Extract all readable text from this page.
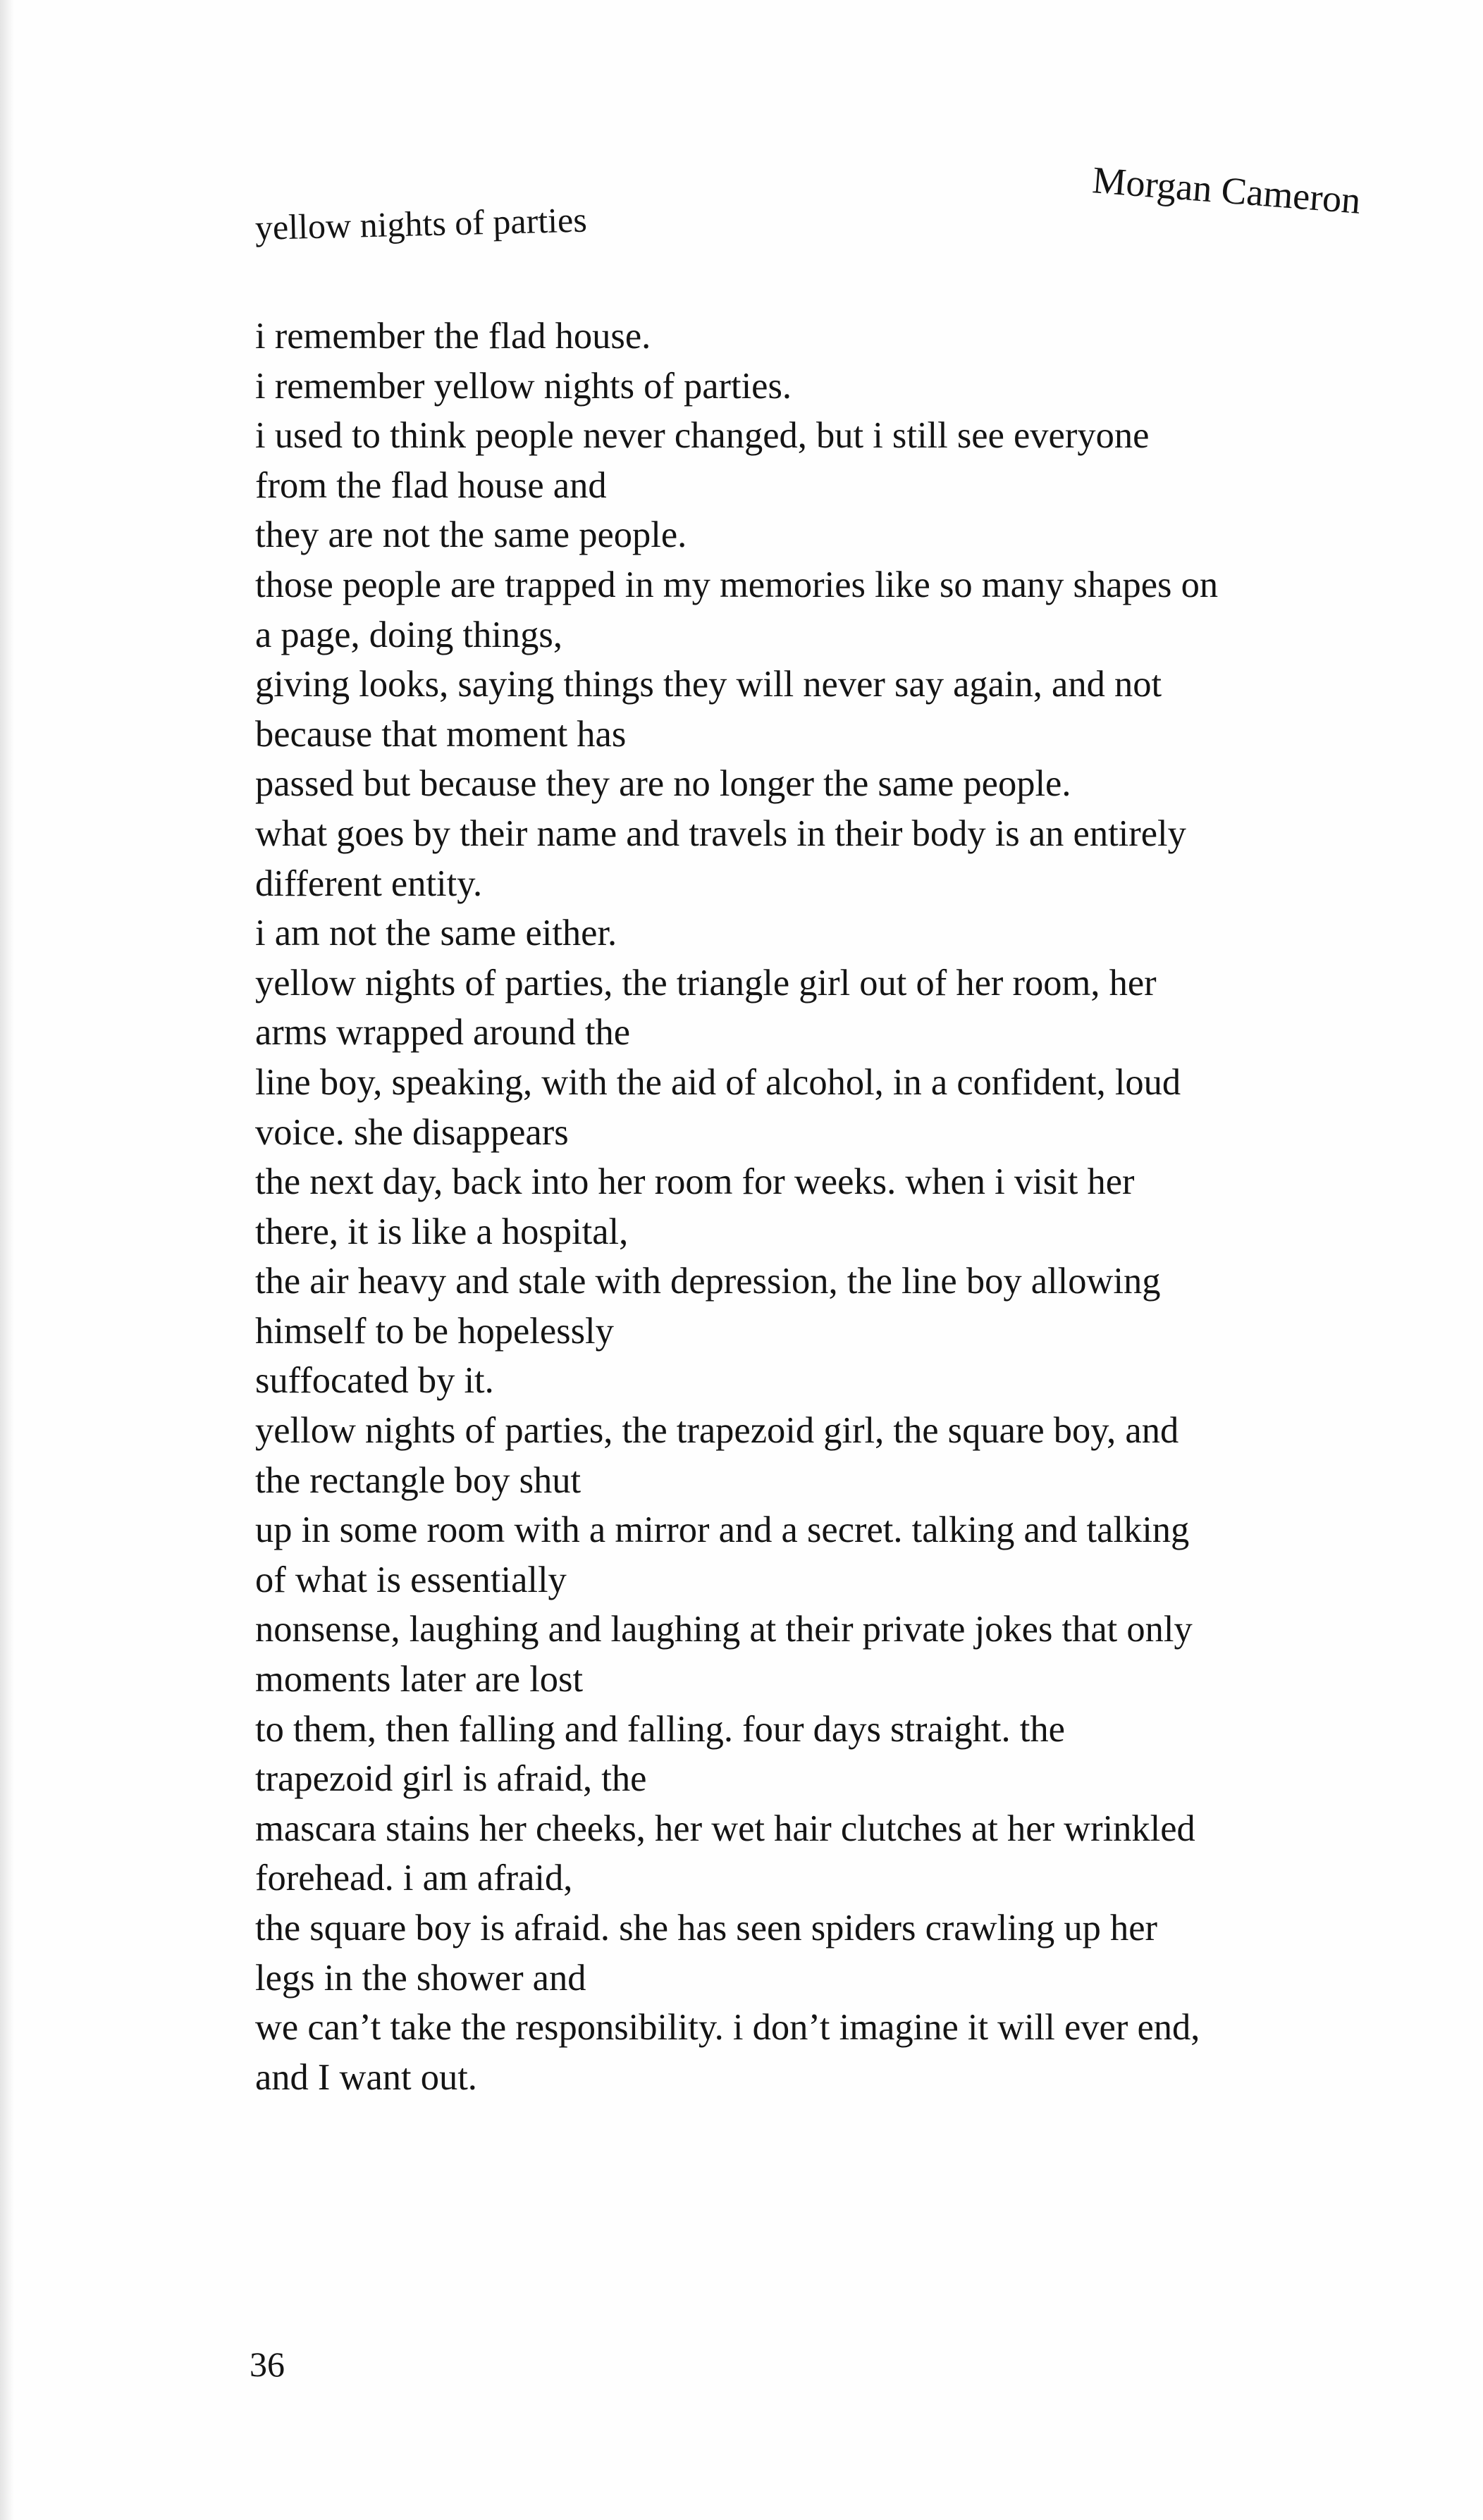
Morgan Cameron
yellow nights of parties
i remember the flad house.
i remember yellow nights of parties.
i used to think people never changed, but i still see everyone
from the flad house and
they are not the same people.
those people are trapped in my memories like so many shapes on
a page, doing things,
giving looks, saying things they will never say again, and not
because that moment has
passed but because they are no longer the same people.
what goes by their name and travels in their body is an entirely
different entity.
i am not the same either.
yellow nights of parties, the triangle girl out of her room, her
arms wrapped around the
line boy, speaking, with the aid of alcohol, in a confident, loud
voice. she disappears
the next day, back into her room for weeks. when i visit her
there, it is like a hospital,
the air heavy and stale with depression, the line boy allowing
himself to be hopelessly
suffocated by it.
yellow nights of parties, the trapezoid girl, the square boy, and
the rectangle boy shut
up in some room with a mirror and a secret. talking and talking
of what is essentially
nonsense, laughing and laughing at their private jokes that only
moments later are lost
to them, then falling and falling. four days straight. the
trapezoid girl is afraid, the
mascara stains her cheeks, her wet hair clutches at her wrinkled
forehead. i am afraid,
the square boy is afraid. she has seen spiders crawling up her
legs in the shower and
we can’t take the responsibility. i don’t imagine it will ever end,
and I want out.
36
